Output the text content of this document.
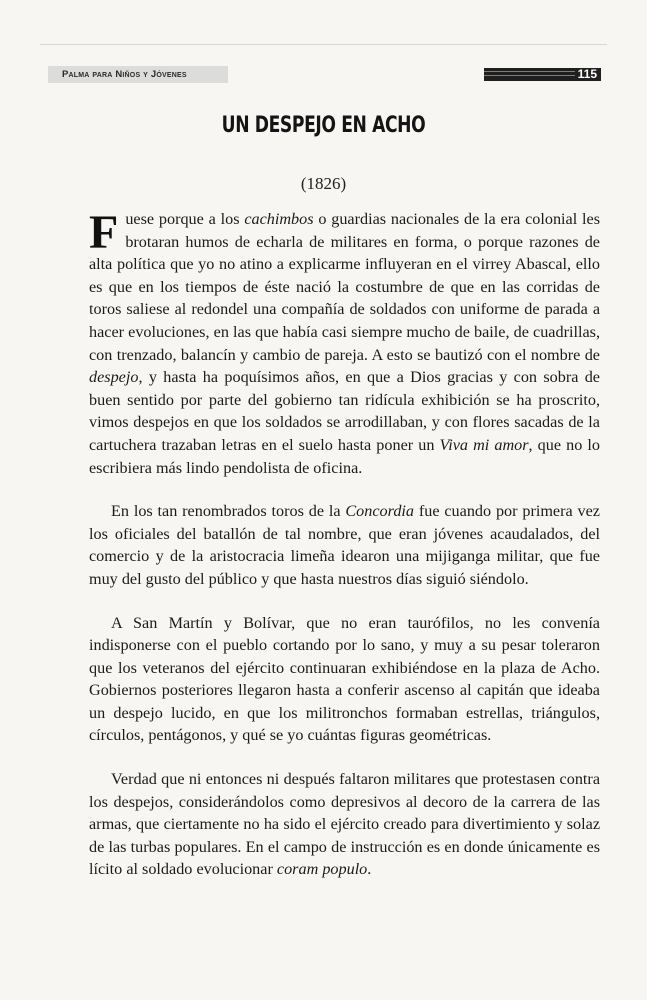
Palma para Niños y Jóvenes	115
UN DESPEJO EN ACHO
(1826)

Fuese porque a los cachimbos o guardias nacionales de la era colonial les brotaran humos de echarla de militares en forma, o porque razones de alta política que yo no atino a explicarme influyeran en el virrey Abascal, ello es que en los tiempos de éste nació la costumbre de que en las corridas de toros saliese al redondel una compañía de soldados con uniforme de parada a hacer evoluciones, en las que había casi siempre mucho de baile, de cuadrillas, con trenzado, balancín y cambio de pareja. A esto se bautizó con el nombre de despejo, y hasta ha poquísimos años, en que a Dios gracias y con sobra de buen sentido por parte del gobierno tan ridícula exhibición se ha proscrito, vimos despejos en que los soldados se arrodillaban, y con flores sacadas de la cartuchera trazaban letras en el suelo hasta poner un Viva mi amor, que no lo escribiera más lindo pendolista de oficina.

En los tan renombrados toros de la Concordia fue cuando por primera vez los oficiales del batallón de tal nombre, que eran jóvenes acaudalados, del comercio y de la aristocracia limeña idearon una mijiganga militar, que fue muy del gusto del público y que hasta nuestros días siguió siéndolo.

A San Martín y Bolívar, que no eran taurófilos, no les convenía indisponerse con el pueblo cortando por lo sano, y muy a su pesar toleraron que los veteranos del ejército continuaran exhibiéndose en la plaza de Acho. Gobiernos posteriores llegaron hasta a conferir ascenso al capitán que ideaba un despejo lucido, en que los militronchos formaban estrellas, triángulos, círculos, pentágonos, y qué se yo cuántas figuras geométricas.

Verdad que ni entonces ni después faltaron militares que protestasen contra los despejos, considerándolos como depresivos al decoro de la carrera de las armas, que ciertamente no ha sido el ejército creado para divertimiento y solaz de las turbas populares. En el campo de instrucción es en donde únicamente es lícito al soldado evolucionar coram populo.
